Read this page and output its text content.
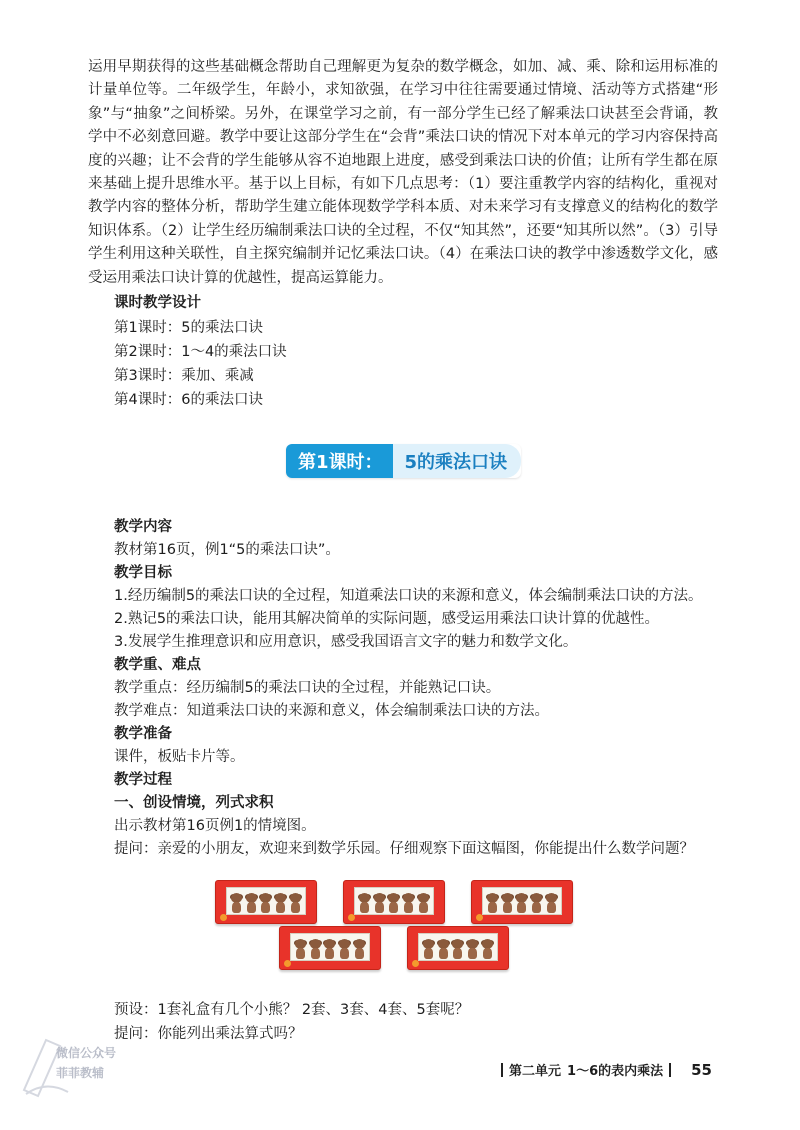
运用早期获得的这些基础概念帮助自己理解更为复杂的数学概念，如加、减、乘、除和运用标准的计量单位等。二年级学生，年龄小，求知欲强，在学习中往往需要通过情境、活动等方式搭建“形象”与“抽象”之间桥梁。另外，在课堂学习之前，有一部分学生已经了解乘法口诀甚至会背诵，教学中不必刻意回避。教学中要让这部分学生在“会背”乘法口诀的情况下对本单元的学习内容保持高度的兴趣；让不会背的学生能够从容不迫地跟上进度，感受到乘法口诀的价值；让所有学生都在原来基础上提升思维水平。基于以上目标，有如下几点思考：（1）要注重教学内容的结构化，重视对教学内容的整体分析，帮助学生建立能体现数学学科本质、对未来学习有支撑意义的结构化的数学知识体系。（2）让学生经历编制乘法口诀的全过程，不仅“知其然”，还要“知其所以然”。（3）引导学生利用这种关联性，自主探究编制并记忆乘法口诀。（4）在乘法口诀的教学中渗透数学文化，感受运用乘法口诀计算的优越性，提高运算能力。

课时教学设计
第1课时：5的乘法口诀
第2课时：1～4的乘法口诀
第3课时：乘加、乘减
第4课时：6的乘法口诀
第1课时：	5的乘法口诀
教学内容
教材第16页，例1“5的乘法口诀”。
教学目标
1.经历编制5的乘法口诀的全过程，知道乘法口诀的来源和意义，体会编制乘法口诀的方法。
2.熟记5的乘法口诀，能用其解决简单的实际问题，感受运用乘法口诀计算的优越性。
3.发展学生推理意识和应用意识，感受我国语言文字的魅力和数学文化。
教学重、难点
教学重点：经历编制5的乘法口诀的全过程，并能熟记口诀。
教学难点：知道乘法口诀的来源和意义，体会编制乘法口诀的方法。
教学准备
课件，板贴卡片等。
教学过程
一、创设情境，列式求积
出示教材第16页例1的情境图。
提问：亲爱的小朋友，欢迎来到数学乐园。仔细观察下面这幅图，你能提出什么数学问题？
预设：1套礼盒有几个小熊？ 2套、3套、4套、5套呢？
提问：你能列出乘法算式吗？
微信公众号
菲菲教辅	第二单元 1～6的表内乘法 55
